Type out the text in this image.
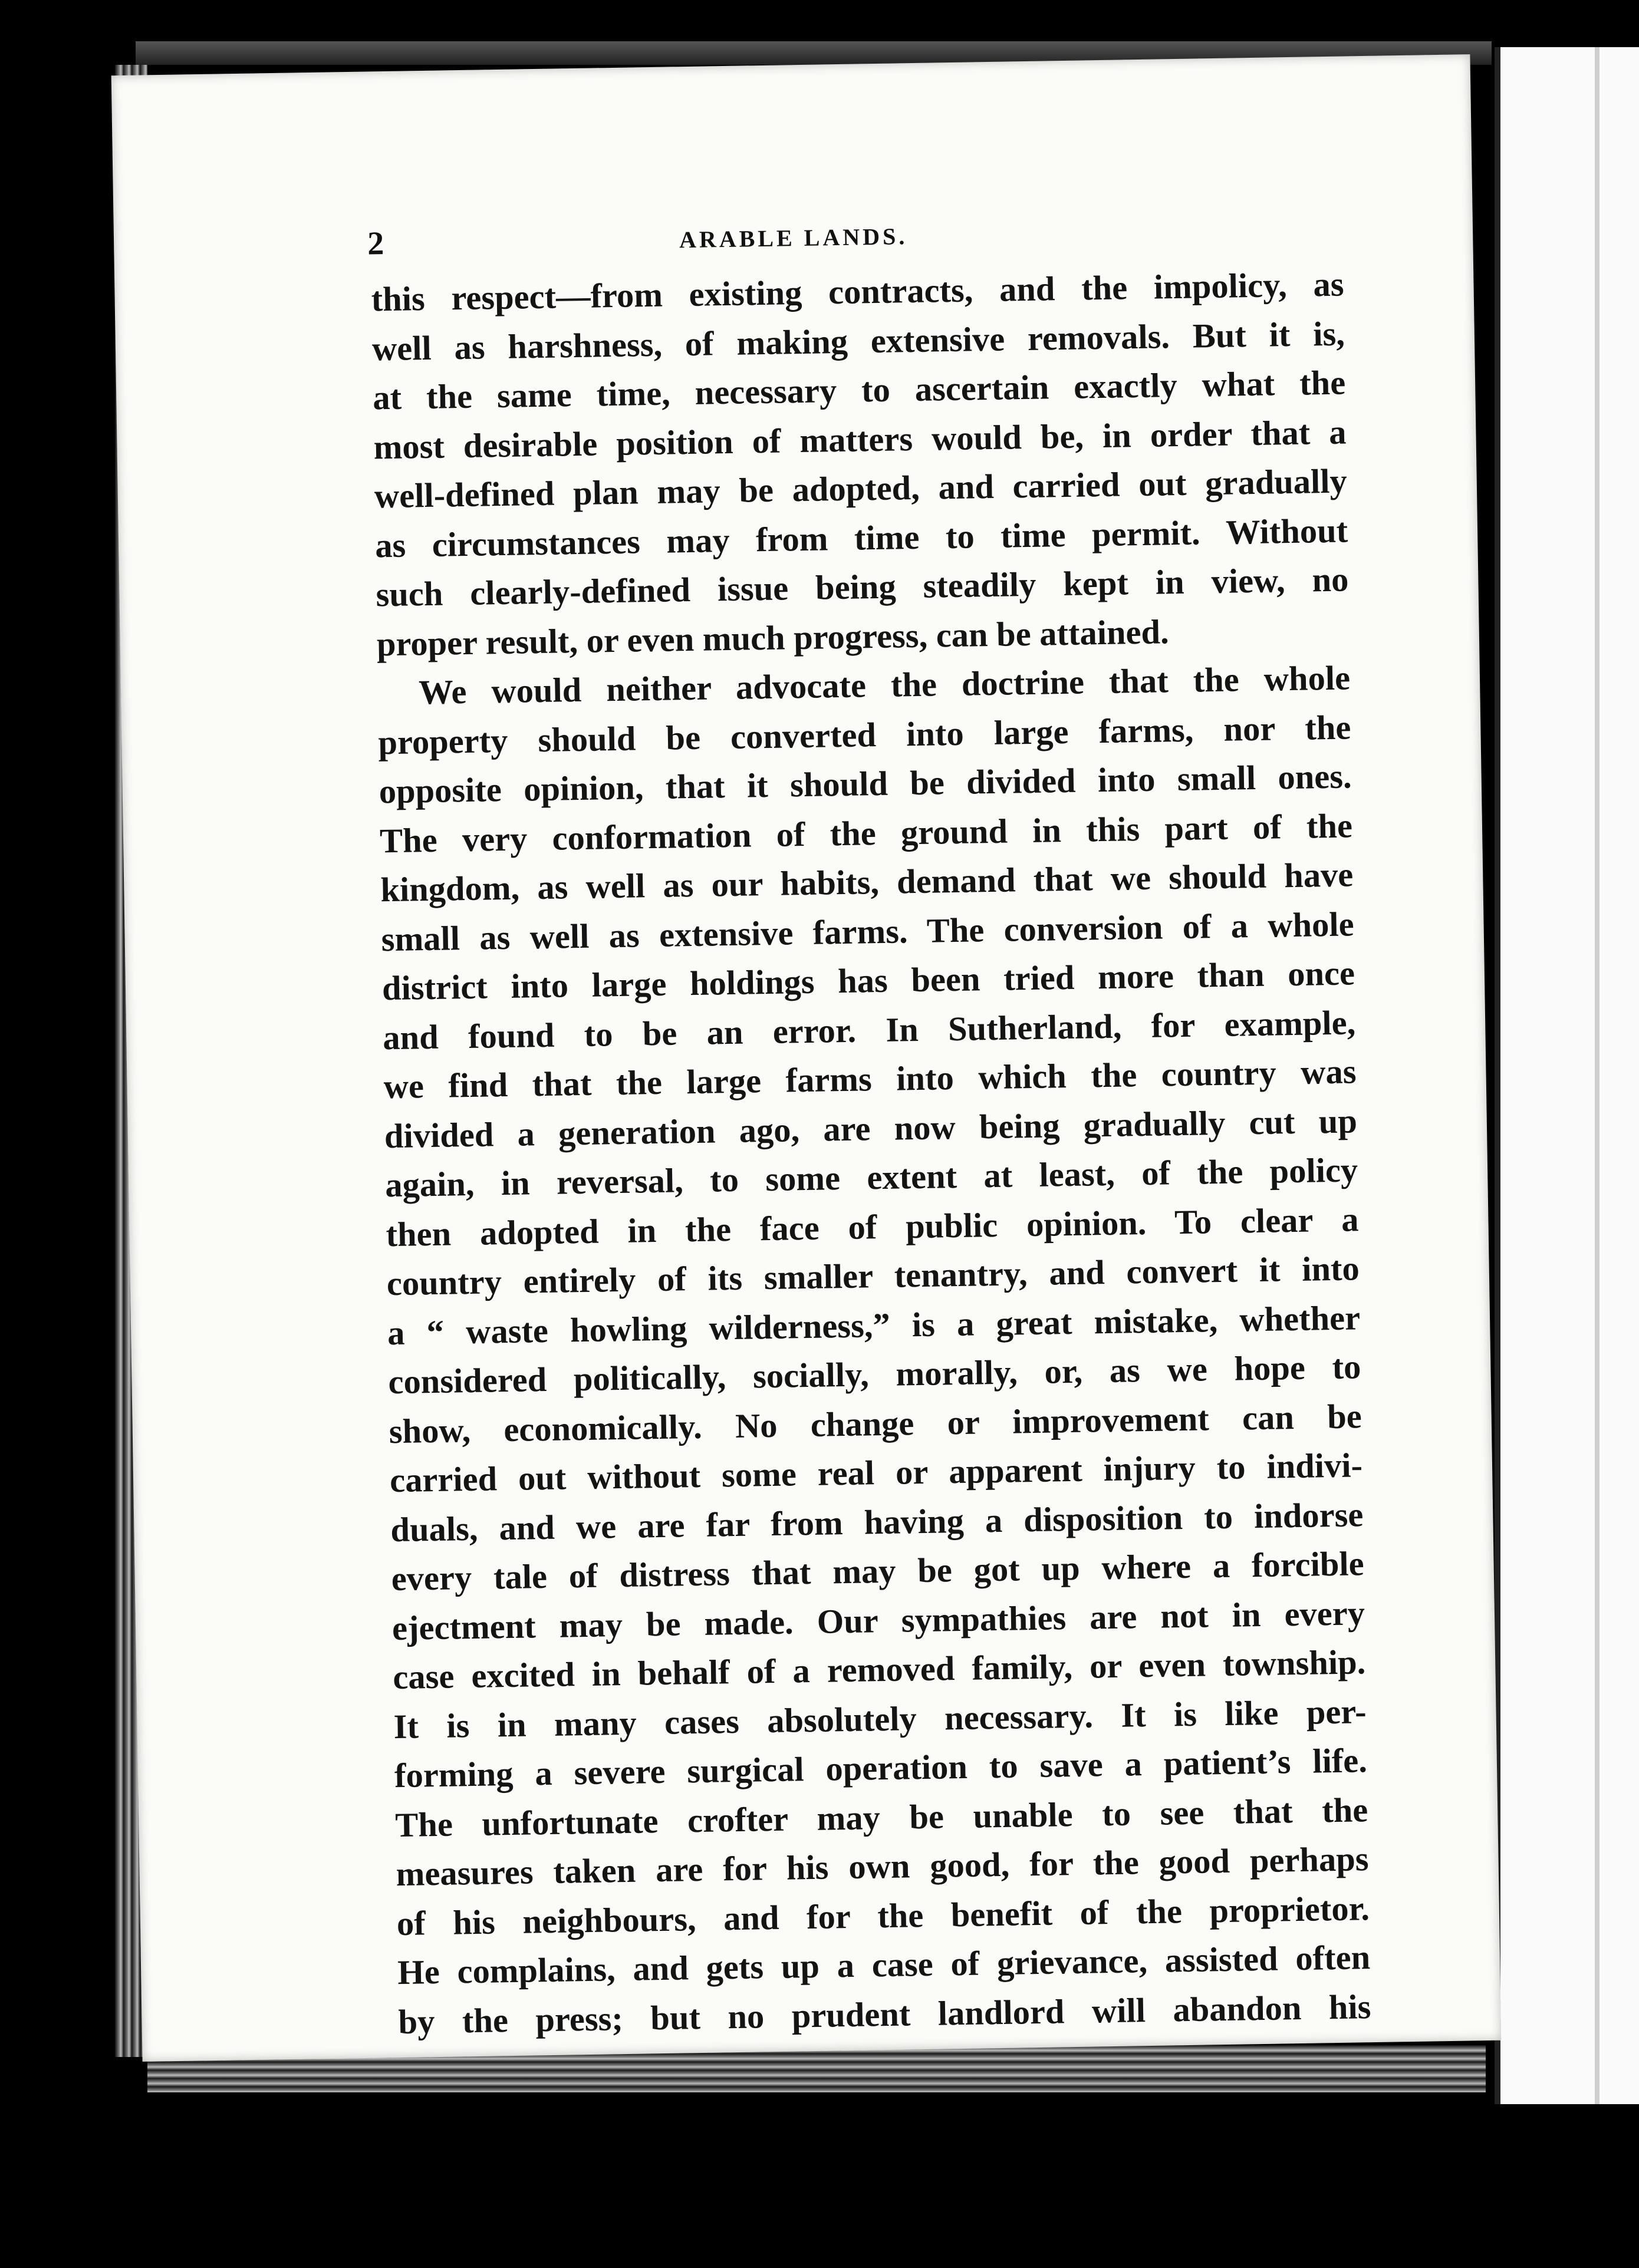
2	ARABLE LANDS.
this respect—from existing contracts, and the impolicy, as
well as harshness, of making extensive removals. But it is,
at the same time, necessary to ascertain exactly what the
most desirable position of matters would be, in order that a
well-defined plan may be adopted, and carried out gradually
as circumstances may from time to time permit. Without
such clearly-defined issue being steadily kept in view, no
proper result, or even much progress, can be attained.
We would neither advocate the doctrine that the whole
property should be converted into large farms, nor the
opposite opinion, that it should be divided into small ones.
The very conformation of the ground in this part of the
kingdom, as well as our habits, demand that we should have
small as well as extensive farms. The conversion of a whole
district into large holdings has been tried more than once
and found to be an error. In Sutherland, for example,
we find that the large farms into which the country was
divided a generation ago, are now being gradually cut up
again, in reversal, to some extent at least, of the policy
then adopted in the face of public opinion. To clear a
country entirely of its smaller tenantry, and convert it into
a “ waste howling wilderness,” is a great mistake, whether
considered politically, socially, morally, or, as we hope to
show, economically. No change or improvement can be
carried out without some real or apparent injury to indivi-
duals, and we are far from having a disposition to indorse
every tale of distress that may be got up where a forcible
ejectment may be made. Our sympathies are not in every
case excited in behalf of a removed family, or even township.
It is in many cases absolutely necessary. It is like per-
forming a severe surgical operation to save a patient’s life.
The unfortunate crofter may be unable to see that the
measures taken are for his own good, for the good perhaps
of his neighbours, and for the benefit of the proprietor.
He complains, and gets up a case of grievance, assisted often
by the press; but no prudent landlord will abandon his
